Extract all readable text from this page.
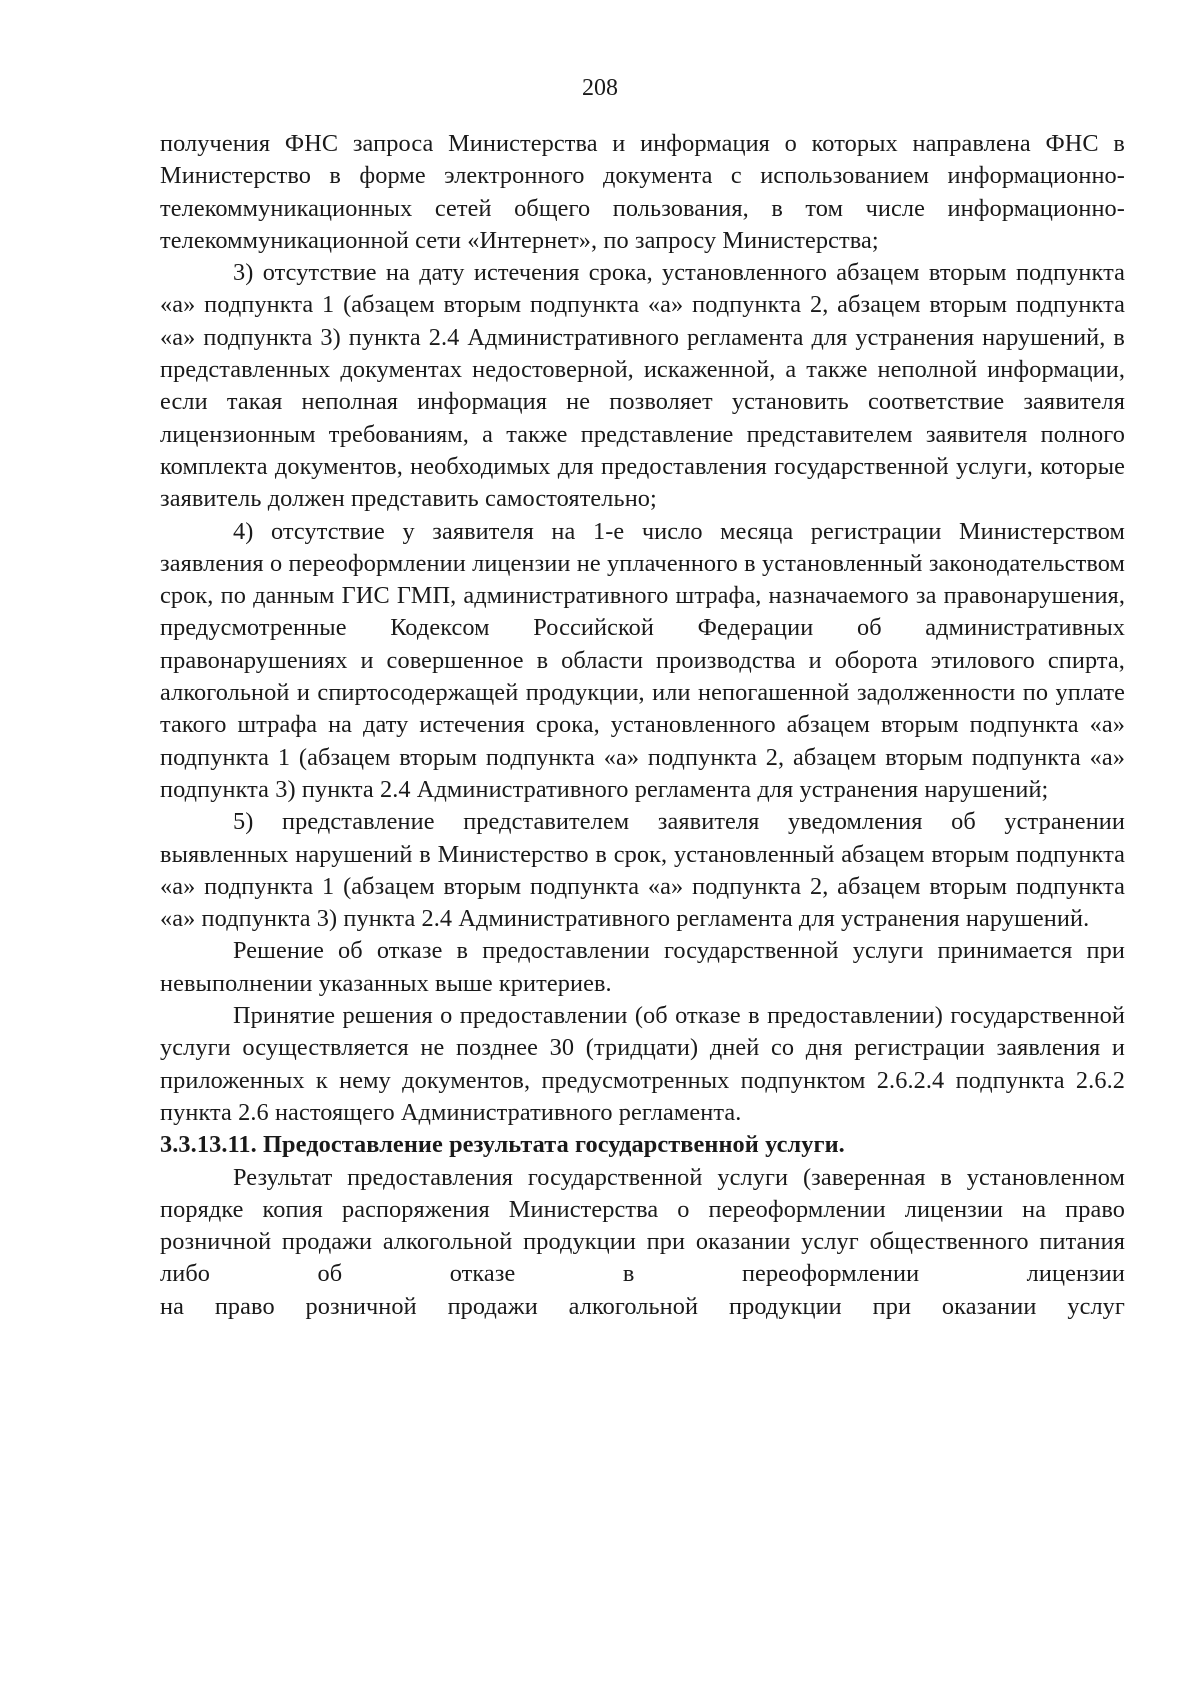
208

получения ФНС запроса Министерства и информация о которых направлена ФНС в Министерство в форме электронного документа с использованием информационно-телекоммуникационных сетей общего пользования, в том числе информационно-телекоммуникационной сети «Интернет», по запросу Министерства;

3) отсутствие на дату истечения срока, установленного абзацем вторым подпункта «а» подпункта 1 (абзацем вторым подпункта «а» подпункта 2, абзацем вторым подпункта «а» подпункта 3) пункта 2.4 Административного регламента для устранения нарушений, в представленных документах недостоверной, искаженной, а также неполной информации, если такая неполная информация не позволяет установить соответствие заявителя лицензионным требованиям, а также представление представителем заявителя полного комплекта документов, необходимых для предоставления государственной услуги, которые заявитель должен представить самостоятельно;

4) отсутствие у заявителя на 1-е число месяца регистрации Министерством заявления о переоформлении лицензии не уплаченного в установленный законодательством срок, по данным ГИС ГМП, административного штрафа, назначаемого за правонарушения, предусмотренные Кодексом Российской Федерации об административных правонарушениях и совершенное в области производства и оборота этилового спирта, алкогольной и спиртосодержащей продукции, или непогашенной задолженности по уплате такого штрафа на дату истечения срока, установленного абзацем вторым подпункта «а» подпункта 1 (абзацем вторым подпункта «а» подпункта 2, абзацем вторым подпункта «а» подпункта 3) пункта 2.4 Административного регламента для устранения нарушений;

5) представление представителем заявителя уведомления об устранении выявленных нарушений в Министерство в срок, установленный абзацем вторым подпункта «а» подпункта 1 (абзацем вторым подпункта «а» подпункта 2, абзацем вторым подпункта «а» подпункта 3) пункта 2.4 Административного регламента для устранения нарушений.

Решение об отказе в предоставлении государственной услуги принимается при невыполнении указанных выше критериев.

Принятие решения о предоставлении (об отказе в предоставлении) государственной услуги осуществляется не позднее 30 (тридцати) дней со дня регистрации заявления и приложенных к нему документов, предусмотренных подпунктом 2.6.2.4 подпункта 2.6.2 пункта 2.6 настоящего Административного регламента.

3.3.13.11. Предоставление результата государственной услуги.

Результат предоставления государственной услуги (заверенная в установленном порядке копия распоряжения Министерства о переоформлении лицензии на право розничной продажи алкогольной продукции при оказании услуг общественного питания либо об отказе в переоформлении лицензии

на право розничной продажи алкогольной продукции при оказании услуг
